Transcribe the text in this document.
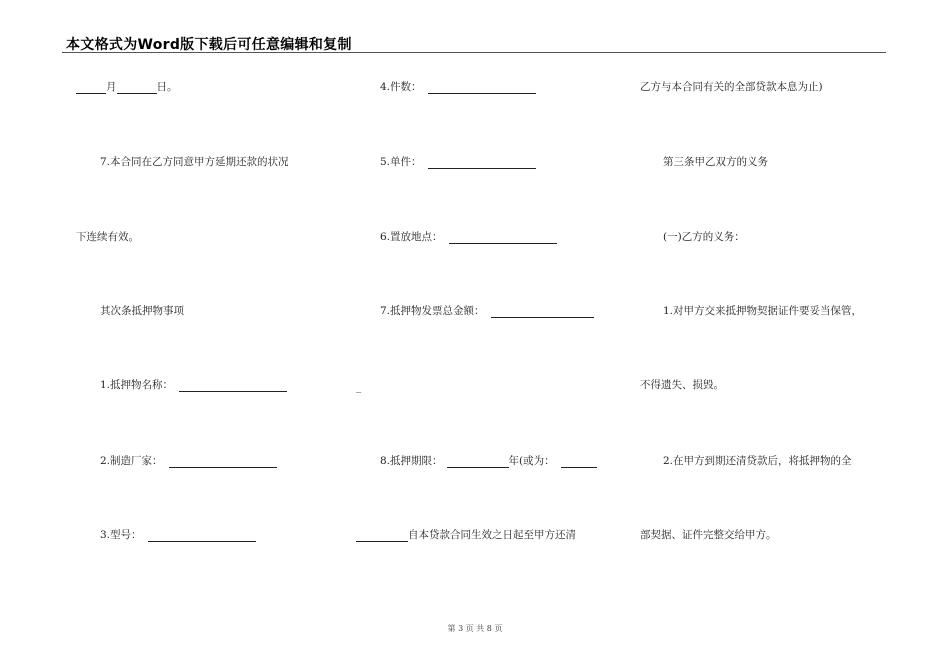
本文格式为Word版下载后可任意编辑和复制
月	日。
7.本合同在乙方同意甲方延期还款的状况
下连续有效。
其次条抵押物事项
1.抵押物名称：
2.制造厂家：
3.型号：
4.件数：
5.单件：
6.置放地点：
7.抵押物发票总金额：
_
8.抵押期限：	年(或为：
自本贷款合同生效之日起至甲方还清
乙方与本合同有关的全部贷款本息为止)
第三条甲乙双方的义务
(一)乙方的义务：
1.对甲方交来抵押物契据证件要妥当保管，
不得遗失、损毁。
2.在甲方到期还清贷款后，将抵押物的全
部契据、证件完整交给甲方。
第 3 页 共 8 页
